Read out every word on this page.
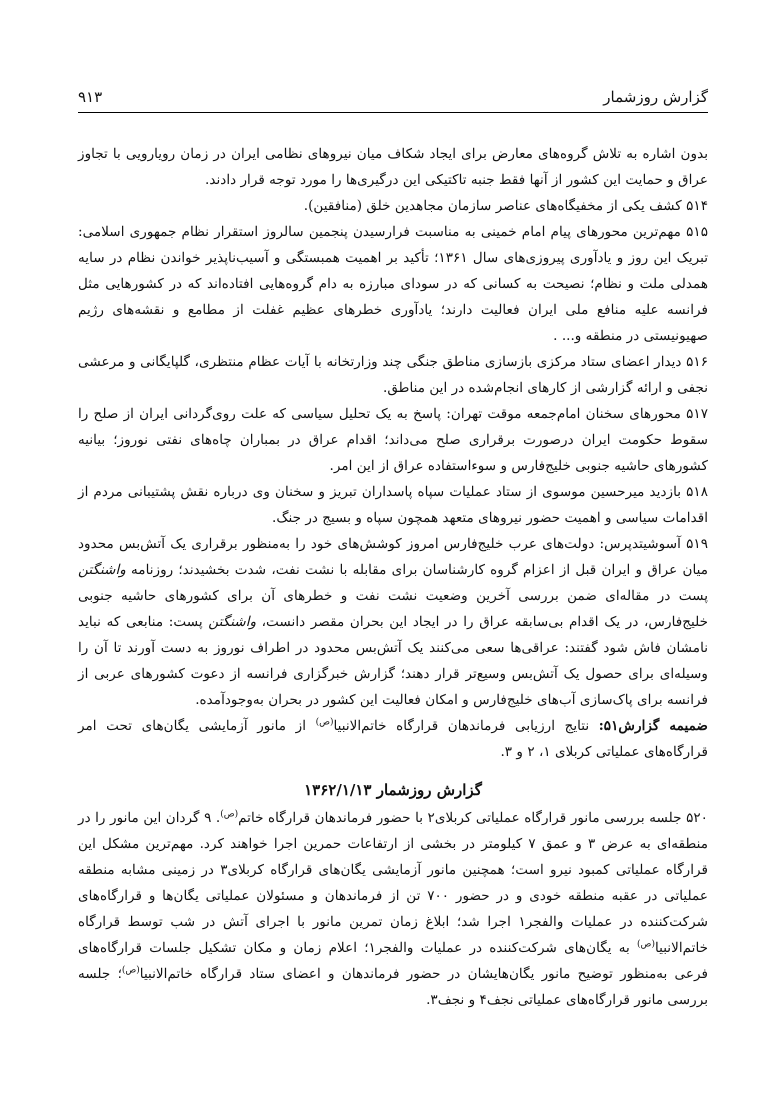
گزارش روزشمار
۹۱۳

بدون اشاره به تلاش گروه‌های معارض برای ایجاد شکاف میان نیروهای نظامی ایران در زمان رویارویی با تجاوز عراق و حمایت این کشور از آنها فقط جنبه تاکتیکی این درگیری‌ها را مورد توجه قرار دادند.

۵۱۴ کشف یکی از مخفیگاه‌های عناصر سازمان مجاهدین خلق (منافقین).

۵۱۵ مهم‌ترین محورهای پیام امام خمینی به مناسبت فرارسیدن پنجمین سالروز استقرار نظام جمهوری اسلامی: تبریک این روز و یادآوری پیروزی‌های سال ۱۳۶۱؛ تأکید بر اهمیت همبستگی و آسیب‌ناپذیر خواندن نظام در سایه همدلی ملت و نظام؛ نصیحت به کسانی که در سودای مبارزه به دام گروه‌هایی افتاده‌اند که در کشورهایی مثل فرانسه علیه منافع ملی ایران فعالیت دارند؛ یادآوری خطرهای عظیم غفلت از مطامع و نقشه‌های رژیم صهیونیستی در منطقه و... .

۵۱۶ دیدار اعضای ستاد مرکزی بازسازی مناطق جنگی چند وزارتخانه با آیات عظام منتظری، گلپایگانی و مرعشی نجفی و ارائه گزارشی از کارهای انجام‌شده در این مناطق.

۵۱۷ محورهای سخنان امام‌جمعه موقت تهران: پاسخ به یک تحلیل سیاسی که علت روی‌گردانی ایران از صلح را سقوط حکومت ایران درصورت برقراری صلح می‌داند؛ اقدام عراق در بمباران چاه‌های نفتی نوروز؛ بیانیه کشورهای حاشیه جنوبی خلیج‌فارس و سوءاستفاده عراق از این امر.

۵۱۸ بازدید میرحسین موسوی از ستاد عملیات سپاه پاسداران تبریز و سخنان وی درباره نقش پشتیبانی مردم از اقدامات سیاسی و اهمیت حضور نیروهای متعهد همچون سپاه و بسیج در جنگ.

۵۱۹ آسوشیتدپرس: دولت‌های عرب خلیج‌فارس امروز کوشش‌های خود را به‌منظور برقراری یک آتش‌بس محدود میان عراق و ایران قبل از اعزام گروه کارشناسان برای مقابله با نشت نفت، شدت بخشیدند؛ روزنامه واشنگتن پست در مقاله‌ای ضمن بررسی آخرین وضعیت نشت نفت و خطرهای آن برای کشورهای حاشیه جنوبی خلیج‌فارس، در یک اقدام بی‌سابقه عراق را در ایجاد این بحران مقصر دانست، واشنگتن پست: منابعی که نباید نامشان فاش شود گفتند: عراقی‌ها سعی می‌کنند یک آتش‌بس محدود در اطراف نوروز به دست آورند تا آن را وسیله‌ای برای حصول یک آتش‌بس وسیع‌تر قرار دهند؛ گزارش خبرگزاری فرانسه از دعوت کشورهای عربی از فرانسه برای پاک‌سازی آب‌های خلیج‌فارس و امکان فعالیت این کشور در بحران به‌وجودآمده.

ضمیمه گزارش۵۱: نتایج ارزیابی فرماندهان قرارگاه خاتم‌الانبیا$^{(ص)}$ از مانور آزمایشی یگان‌های تحت امر قرارگاه‌های عملیاتی کربلای ۱، ۲ و ۳.

گزارش روزشمار ۱۳۶۲/۱/۱۳

۵۲۰ جلسه بررسی مانور قرارگاه عملیاتی کربلای۲ با حضور فرماندهان قرارگاه خاتم$^{(ص)}$. ۹ گردان این مانور را در منطقه‌ای به عرض ۳ و عمق ۷ کیلومتر در بخشی از ارتفاعات حمرین اجرا خواهند کرد. مهم‌ترین مشکل این قرارگاه عملیاتی کمبود نیرو است؛ همچنین مانور آزمایشی یگان‌های قرارگاه کربلای۳ در زمینی مشابه منطقه عملیاتی در عقبه منطقه خودی و در حضور ۷۰۰ تن از فرماندهان و مسئولان عملیاتی یگان‌ها و قرارگاه‌های شرکت‌کننده در عملیات والفجر۱ اجرا شد؛ ابلاغ زمان تمرین مانور با اجرای آتش در شب توسط قرارگاه خاتم‌الانبیا$^{(ص)}$ به یگان‌های شرکت‌کننده در عملیات والفجر۱؛ اعلام زمان و مکان تشکیل جلسات قرارگاه‌های فرعی به‌منظور توضیح مانور یگان‌هایشان در حضور فرماندهان و اعضای ستاد قرارگاه خاتم‌الانبیا$^{(ص)}$؛ جلسه بررسی مانور قرارگاه‌های عملیاتی نجف۴ و نجف۳.
